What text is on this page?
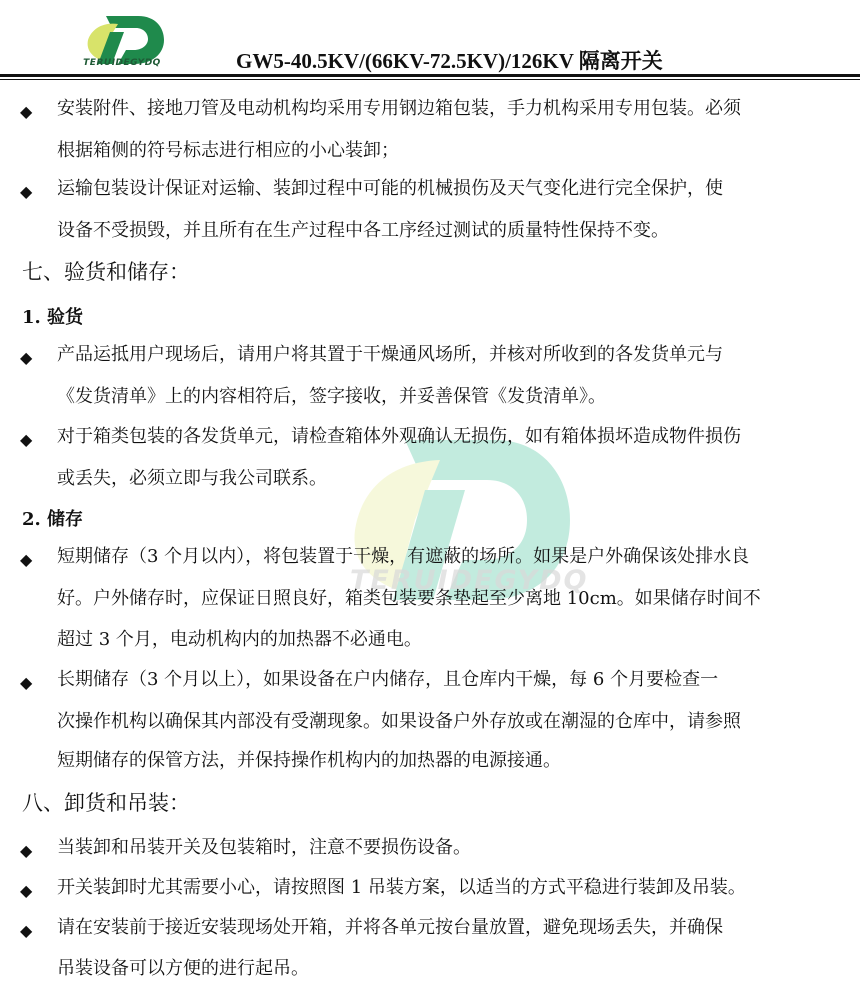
TERUIDEGYDQ	GW5-40.5KV/(66KV-72.5KV)/126KV 隔离开关
TERUIDEGYDQ
◆ 安装附件、接地刀管及电动机构均采用专用钢边箱包装，手力机构采用专用包装。必须
根据箱侧的符号标志进行相应的小心装卸；
◆ 运输包装设计保证对运输、装卸过程中可能的机械损伤及天气变化进行完全保护，使
设备不受损毁，并且所有在生产过程中各工序经过测试的质量特性保持不变。
七、验货和储存：
1. 验货
◆ 产品运抵用户现场后，请用户将其置于干燥通风场所，并核对所收到的各发货单元与
《发货清单》上的内容相符后，签字接收，并妥善保管《发货清单》。
◆ 对于箱类包装的各发货单元，请检查箱体外观确认无损伤，如有箱体损坏造成物件损伤
或丢失，必须立即与我公司联系。
2. 储存
◆ 短期储存（3 个月以内），将包装置于干燥，有遮蔽的场所。如果是户外确保该处排水良
好。户外储存时，应保证日照良好，箱类包装要条垫起至少离地 10cm。如果储存时间不
超过 3 个月，电动机构内的加热器不必通电。
◆ 长期储存（3 个月以上），如果设备在户内储存，且仓库内干燥，每 6 个月要检查一
次操作机构以确保其内部没有受潮现象。如果设备户外存放或在潮湿的仓库中，请参照
短期储存的保管方法，并保持操作机构内的加热器的电源接通。
八、卸货和吊装：
◆ 当装卸和吊装开关及包装箱时，注意不要损伤设备。
◆ 开关装卸时尤其需要小心，请按照图 1 吊装方案，以适当的方式平稳进行装卸及吊装。
◆ 请在安装前于接近安装现场处开箱，并将各单元按台量放置，避免现场丢失，并确保
吊装设备可以方便的进行起吊。
